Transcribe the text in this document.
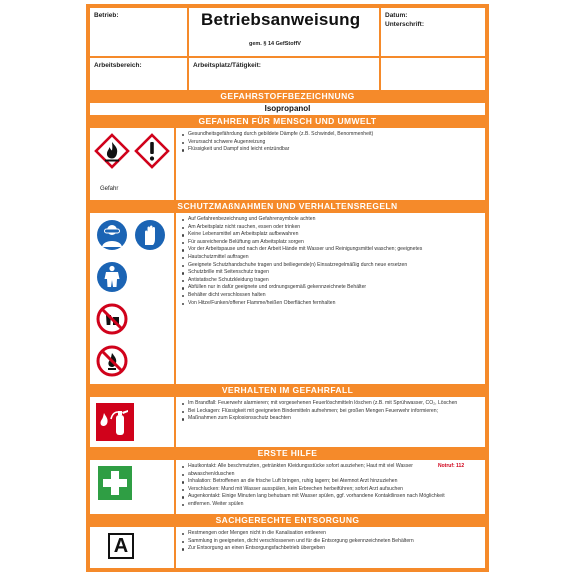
Betrieb:	Betriebsanweisung
gem. § 14 GefStoffV
Datum:
Unterschrift:
Arbeitsbereich:	Arbeitsplatz/Tätigkeit:
GEFAHRSTOFFBEZEICHNUNG
Isopropanol
GEFAHREN FÜR MENSCH UND UMWELT
Gefahr
Gesundheitsgefährdung durch gebildete Dämpfe (z.B. Schwindel, Benommenheit)
Verursacht schwere Augenreizung
Flüssigkeit und Dampf sind leicht entzündbar
SCHUTZMAßNAHMEN UND VERHALTENSREGELN
Auf Gefahrenbezeichnung und Gefahrensymbole achten
Am Arbeitsplatz nicht rauchen, essen oder trinken
Keine Lebensmittel am Arbeitsplatz aufbewahren
Für ausreichende Belüftung am Arbeitsplatz sorgen
Vor der Arbeitspause und nach der Arbeit Hände mit Wasser und Reinigungsmittel waschen; geeignetes
Hautschutzmittel auftragen
Geeignete Schutzhandschuhe tragen und beiliegende(n) Einsatzregelmäßig durch neue ersetzen
Schutzbrille mit Seitenschutz tragen
Antistatische Schutzkleidung tragen
Abfüllen nur in dafür geeignete und ordnungsgemäß gekennzeichnete Behälter
Behälter dicht verschlossen halten
Von Hitze/Funken/offener Flamme/heißen Oberflächen fernhalten
VERHALTEN IM GEFAHRFALL
Im Brandfall: Feuerwehr alarmieren; mit vorgesehenen Feuerlöschmitteln löschen (z.B. mit Sprühwasser, CO₂, Löschen
Bei Leckagen: Flüssigkeit mit geeigneten Bindemitteln aufnehmen; bei großen Mengen Feuerwehr informieren;
Maßnahmen zum Explosionsschutz beachten
ERSTE HILFE
Notruf: 112
Hautkontakt: Alle beschmutzten, getränkten Kleidungsstücke sofort ausziehen; Haut mit viel Wasser
abwaschen/duschen
Inhalation: Betroffenen an die frische Luft bringen, ruhig lagern; bei Atemnot Arzt hinzuziehen
Verschlucken: Mund mit Wasser ausspülen, kein Erbrechen herbeiführen; sofort Arzt aufsuchen
Augenkontakt: Einige Minuten lang behutsam mit Wasser spülen, ggf. vorhandene Kontaktlinsen nach Möglichkeit
entfernen. Weiter spülen
SACHGERECHTE ENTSORGUNG
A
Restmengen oder Mengen nicht in die Kanalisation entleeren
Sammlung in geeigneten, dicht verschlossenen und für die Entsorgung gekennzeichneten Behältern
Zur Entsorgung an einen Entsorgungsfachbetrieb übergeben
